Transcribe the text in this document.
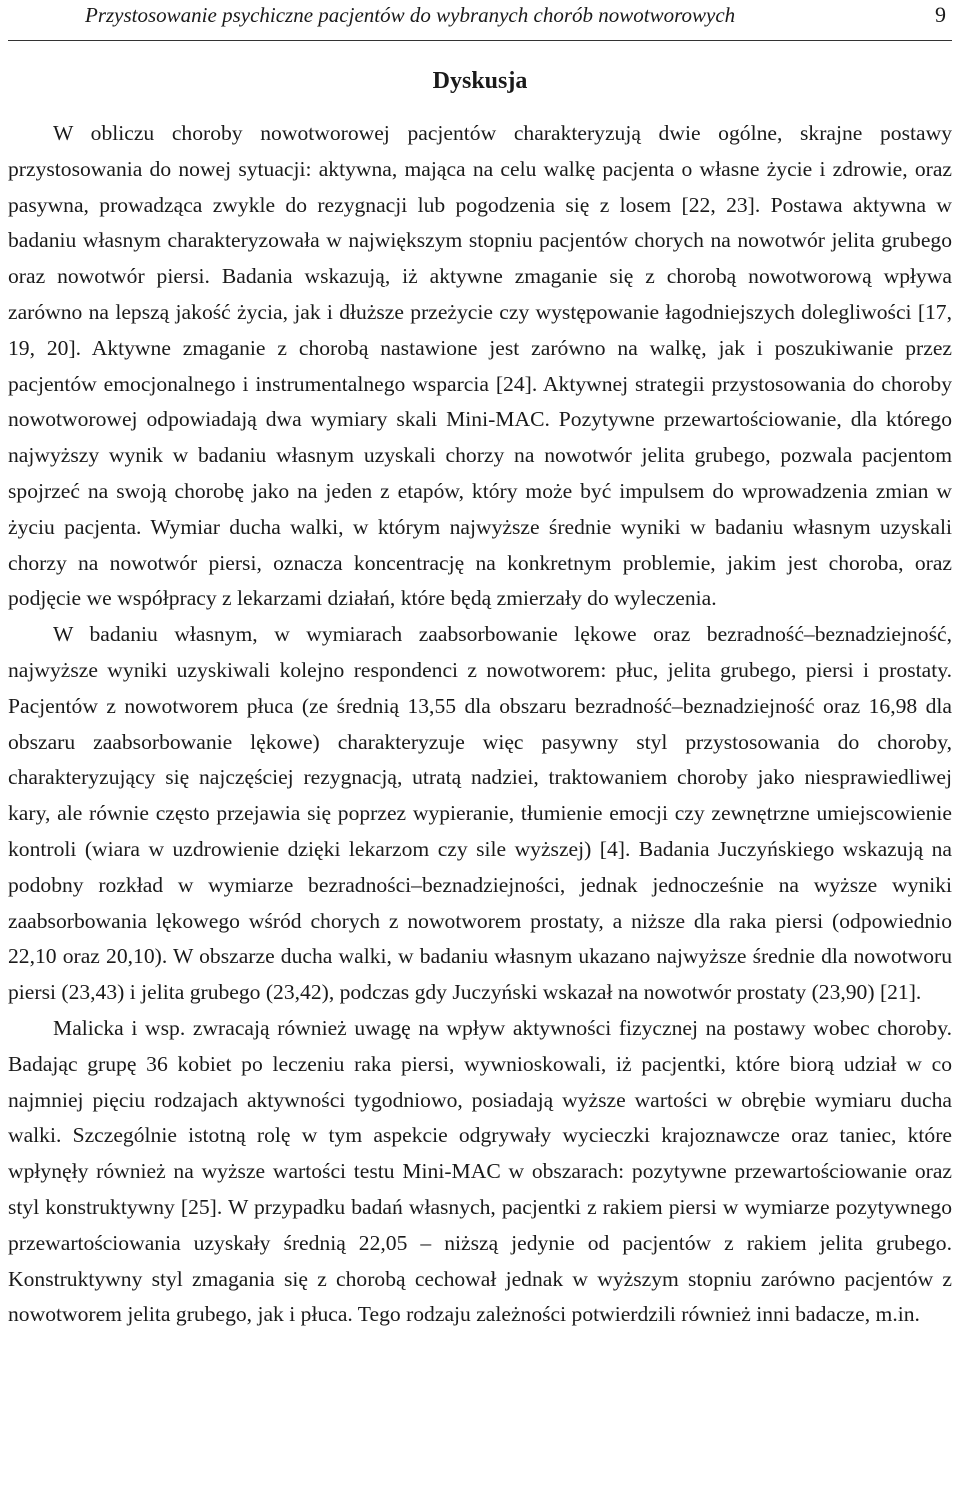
Przystosowanie psychiczne pacjentów do wybranych chorób nowotworowych	9
Dyskusja

W obliczu choroby nowotworowej pacjentów charakteryzują dwie ogólne, skrajne postawy przystosowania do nowej sytuacji: aktywna, mająca na celu walkę pacjenta o własne życie i zdrowie, oraz pasywna, prowadząca zwykle do rezygnacji lub pogodzenia się z losem [22, 23]. Postawa aktywna w badaniu własnym charakteryzowała w największym stopniu pacjentów chorych na nowotwór jelita grubego oraz nowotwór piersi. Badania wskazują, iż aktywne zmaganie się z chorobą nowotworową wpływa zarówno na lepszą jakość życia, jak i dłuższe przeżycie czy występowanie łagodniejszych dolegliwości [17, 19, 20]. Aktywne zmaganie z chorobą nastawione jest zarówno na walkę, jak i poszukiwanie przez pacjentów emocjonalnego i instrumentalnego wsparcia [24]. Aktywnej strategii przystosowania do choroby nowotworowej odpowiadają dwa wymiary skali Mini-MAC. Pozytywne przewartościowanie, dla którego najwyższy wynik w badaniu własnym uzyskali chorzy na nowotwór jelita grubego, pozwala pacjentom spojrzeć na swoją chorobę jako na jeden z etapów, który może być impulsem do wprowadzenia zmian w życiu pacjenta. Wymiar ducha walki, w którym najwyższe średnie wyniki w badaniu własnym uzyskali chorzy na nowotwór piersi, oznacza koncentrację na konkretnym problemie, jakim jest choroba, oraz podjęcie we współpracy z lekarzami działań, które będą zmierzały do wyleczenia.

W badaniu własnym, w wymiarach zaabsorbowanie lękowe oraz bezradność–beznadziejność, najwyższe wyniki uzyskiwali kolejno respondenci z nowotworem: płuc, jelita grubego, piersi i prostaty. Pacjentów z nowotworem płuca (ze średnią 13,55 dla obszaru bezradność–beznadziejność oraz 16,98 dla obszaru zaabsorbowanie lękowe) charakteryzuje więc pasywny styl przystosowania do choroby, charakteryzujący się najczęściej rezygnacją, utratą nadziei, traktowaniem choroby jako niesprawiedliwej kary, ale równie często przejawia się poprzez wypieranie, tłumienie emocji czy zewnętrzne umiejscowienie kontroli (wiara w uzdrowienie dzięki lekarzom czy sile wyższej) [4]. Badania Juczyńskiego wskazują na podobny rozkład w wymiarze bezradności–beznadziejności, jednak jednocześnie na wyższe wyniki zaabsorbowania lękowego wśród chorych z nowotworem prostaty, a niższe dla raka piersi (odpowiednio 22,10 oraz 20,10). W obszarze ducha walki, w badaniu własnym ukazano najwyższe średnie dla nowotworu piersi (23,43) i jelita grubego (23,42), podczas gdy Juczyński wskazał na nowotwór prostaty (23,90) [21].

Malicka i wsp. zwracają również uwagę na wpływ aktywności fizycznej na postawy wobec choroby. Badając grupę 36 kobiet po leczeniu raka piersi, wywnioskowali, iż pacjentki, które biorą udział w co najmniej pięciu rodzajach aktywności tygodniowo, posiadają wyższe wartości w obrębie wymiaru ducha walki. Szczególnie istotną rolę w tym aspekcie odgrywały wycieczki krajoznawcze oraz taniec, które wpłynęły również na wyższe wartości testu Mini-MAC w obszarach: pozytywne przewartościowanie oraz styl konstruktywny [25]. W przypadku badań własnych, pacjentki z rakiem piersi w wymiarze pozytywnego przewartościowania uzyskały średnią 22,05 – niższą jedynie od pacjentów z rakiem jelita grubego. Konstruktywny styl zmagania się z chorobą cechował jednak w wyższym stopniu zarówno pacjentów z nowotworem jelita grubego, jak i płuca. Tego rodzaju zależności potwierdzili również inni badacze, m.in.
